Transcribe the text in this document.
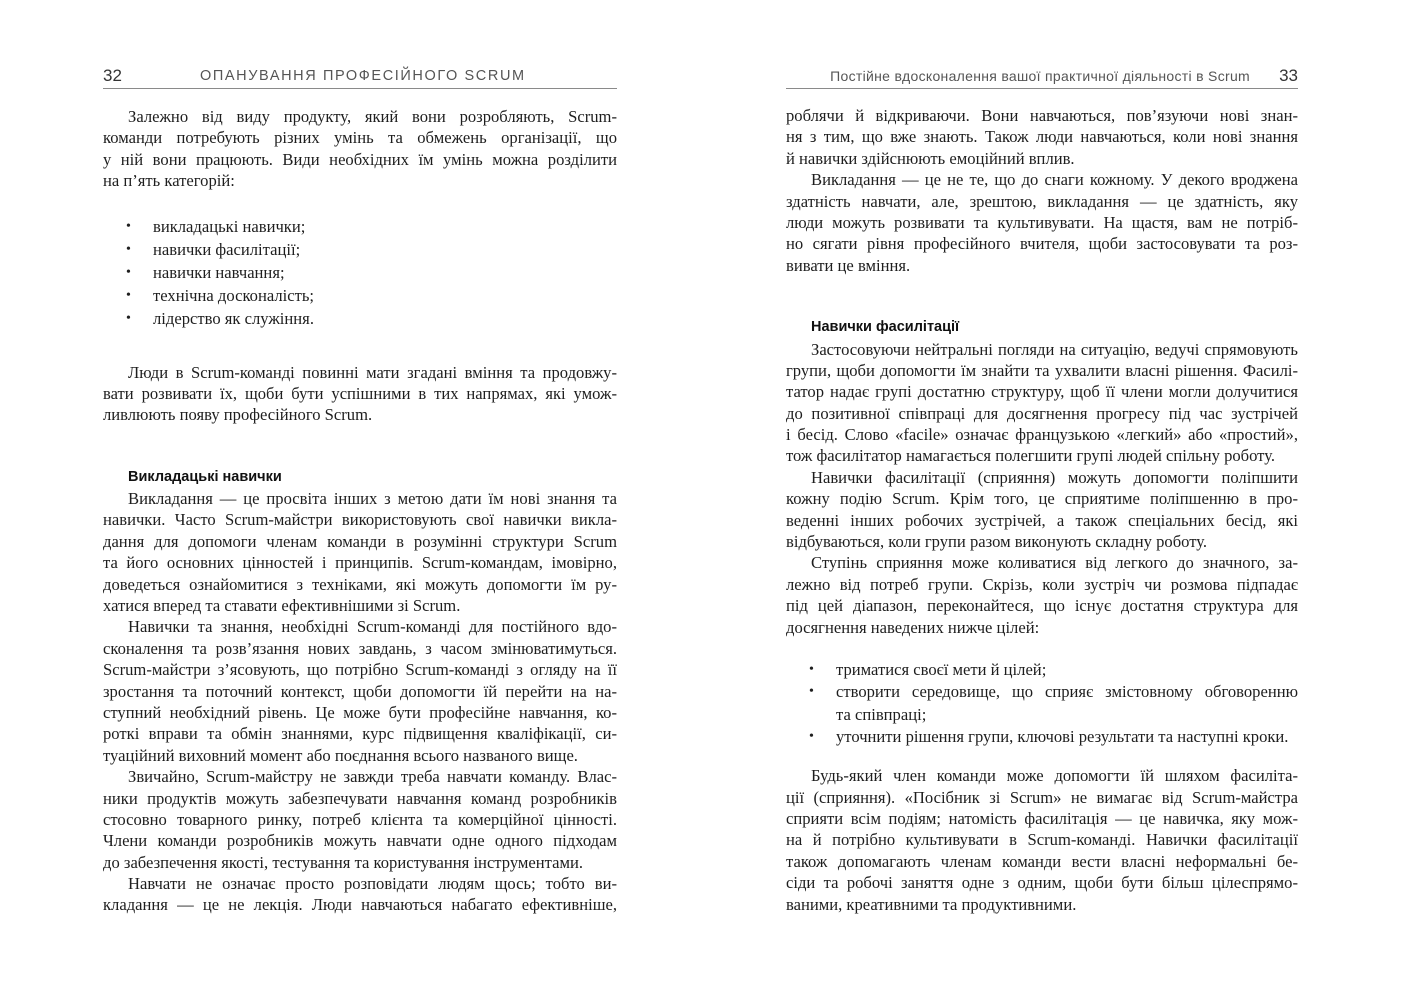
32	ОПАНУВАННЯ ПРОФЕСІЙНОГО SCRUM
Залежно від виду продукту, який вони розробляють, Scrum-
команди потребують різних умінь та обмежень організації, що
у ній вони працюють. Види необхідних їм умінь можна розділити
на п’ять категорій:
• викладацькі навички;
• навички фасилітації;
• навички навчання;
• технічна досконалість;
• лідерство як служіння.
Люди в Scrum-команді повинні мати згадані вміння та продовжу-
вати розвивати їх, щоби бути успішними в тих напрямах, які умож-
ливлюють появу професійного Scrum.
Викладацькі навички
Викладання — це просвіта інших з метою дати їм нові знання та
навички. Часто Scrum-майстри використовують свої навички викла-
дання для допомоги членам команди в розумінні структури Scrum
та його основних цінностей і принципів. Scrum-командам, імовірно,
доведеться ознайомитися з техніками, які можуть допомогти їм ру-
хатися вперед та ставати ефективнішими зі Scrum.
Навички та знання, необхідні Scrum-команді для постійного вдо-
сконалення та розв’язання нових завдань, з часом змінюватимуться.
Scrum-майстри з’ясовують, що потрібно Scrum-команді з огляду на її
зростання та поточний контекст, щоби допомогти їй перейти на на-
ступний необхідний рівень. Це може бути професійне навчання, ко-
роткі вправи та обмін знаннями, курс підвищення кваліфікації, си-
туаційний виховний момент або поєднання всього названого вище.
Звичайно, Scrum-майстру не завжди треба навчати команду. Влас-
ники продуктів можуть забезпечувати навчання команд розробників
стосовно товарного ринку, потреб клієнта та комерційної цінності.
Члени команди розробників можуть навчати одне одного підходам
до забезпечення якості, тестування та користування інструментами.
Навчати не означає просто розповідати людям щось; тобто ви-
кладання — це не лекція. Люди навчаються набагато ефективніше,
Постійне вдосконалення вашої практичної діяльності в Scrum 33
роблячи й відкриваючи. Вони навчаються, пов’язуючи нові знан-
ня з тим, що вже знають. Також люди навчаються, коли нові знання
й навички здійснюють емоційний вплив.
Викладання — це не те, що до снаги кожному. У декого вроджена
здатність навчати, але, зрештою, викладання — це здатність, яку
люди можуть розвивати та культивувати. На щастя, вам не потріб-
но сягати рівня професійного вчителя, щоби застосовувати та роз-
вивати це вміння.
Навички фасилітації
Застосовуючи нейтральні погляди на ситуацію, ведучі спрямовують
групи, щоби допомогти їм знайти та ухвалити власні рішення. Фасилі-
татор надає групі достатню структуру, щоб її члени могли долучитися
до позитивної співпраці для досягнення прогресу під час зустрічей
і бесід. Слово «facile» означає французькою «легкий» або «простий»,
тож фасилітатор намагається полегшити групі людей спільну роботу.
Навички фасилітації (сприяння) можуть допомогти поліпшити
кожну подію Scrum. Крім того, це сприятиме поліпшенню в про-
веденні інших робочих зустрічей, а також спеціальних бесід, які
відбуваються, коли групи разом виконують складну роботу.
Ступінь сприяння може коливатися від легкого до значного, за-
лежно від потреб групи. Скрізь, коли зустріч чи розмова підпадає
під цей діапазон, переконайтеся, що існує достатня структура для
досягнення наведених нижче цілей:
• триматися своєї мети й цілей;
• створити середовище, що сприяє змістовному обговоренню
та співпраці;
• уточнити рішення групи, ключові результати та наступні кроки.
Будь-який член команди може допомогти їй шляхом фасиліта-
ції (сприяння). «Посібник зі Scrum» не вимагає від Scrum-майстра
сприяти всім подіям; натомість фасилітація — це навичка, яку мож-
на й потрібно культивувати в Scrum-команді. Навички фасилітації
також допомагають членам команди вести власні неформальні бе-
сіди та робочі заняття одне з одним, щоби бути більш цілеспрямо-
ваними, креативними та продуктивними.
